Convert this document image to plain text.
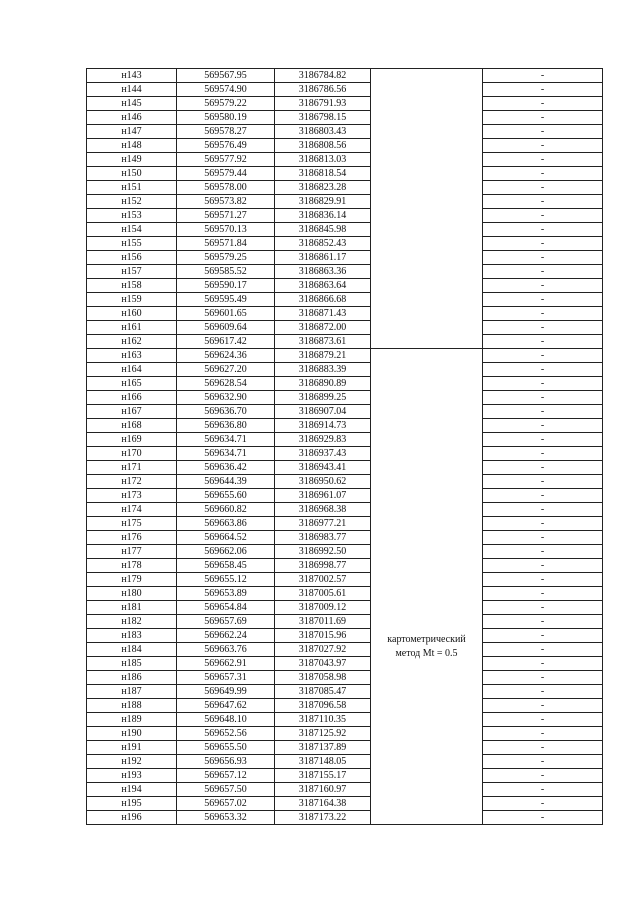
н143	569567.95	3186784.82		-
н144	569574.90	3186786.56		-
н145	569579.22	3186791.93		-
н146	569580.19	3186798.15		-
н147	569578.27	3186803.43		-
н148	569576.49	3186808.56		-
н149	569577.92	3186813.03		-
н150	569579.44	3186818.54		-
н151	569578.00	3186823.28		-
н152	569573.82	3186829.91		-
н153	569571.27	3186836.14		-
н154	569570.13	3186845.98		-
н155	569571.84	3186852.43		-
н156	569579.25	3186861.17		-
н157	569585.52	3186863.36		-
н158	569590.17	3186863.64		-
н159	569595.49	3186866.68		-
н160	569601.65	3186871.43		-
н161	569609.64	3186872.00		-
н162	569617.42	3186873.61		-
н163	569624.36	3186879.21	картометрический метод Mt = 0.5	-
н164	569627.20	3186883.39		-
н165	569628.54	3186890.89		-
н166	569632.90	3186899.25		-
н167	569636.70	3186907.04		-
н168	569636.80	3186914.73		-
н169	569634.71	3186929.83		-
н170	569634.71	3186937.43		-
н171	569636.42	3186943.41		-
н172	569644.39	3186950.62		-
н173	569655.60	3186961.07		-
н174	569660.82	3186968.38		-
н175	569663.86	3186977.21		-
н176	569664.52	3186983.77		-
н177	569662.06	3186992.50		-
н178	569658.45	3186998.77		-
н179	569655.12	3187002.57		-
н180	569653.89	3187005.61		-
н181	569654.84	3187009.12		-
н182	569657.69	3187011.69		-
н183	569662.24	3187015.96		-
н184	569663.76	3187027.92		-
н185	569662.91	3187043.97		-
н186	569657.31	3187058.98		-
н187	569649.99	3187085.47		-
н188	569647.62	3187096.58		-
н189	569648.10	3187110.35		-
н190	569652.56	3187125.92		-
н191	569655.50	3187137.89		-
н192	569656.93	3187148.05		-
н193	569657.12	3187155.17		-
н194	569657.50	3187160.97		-
н195	569657.02	3187164.38		-
н196	569653.32	3187173.22		-
